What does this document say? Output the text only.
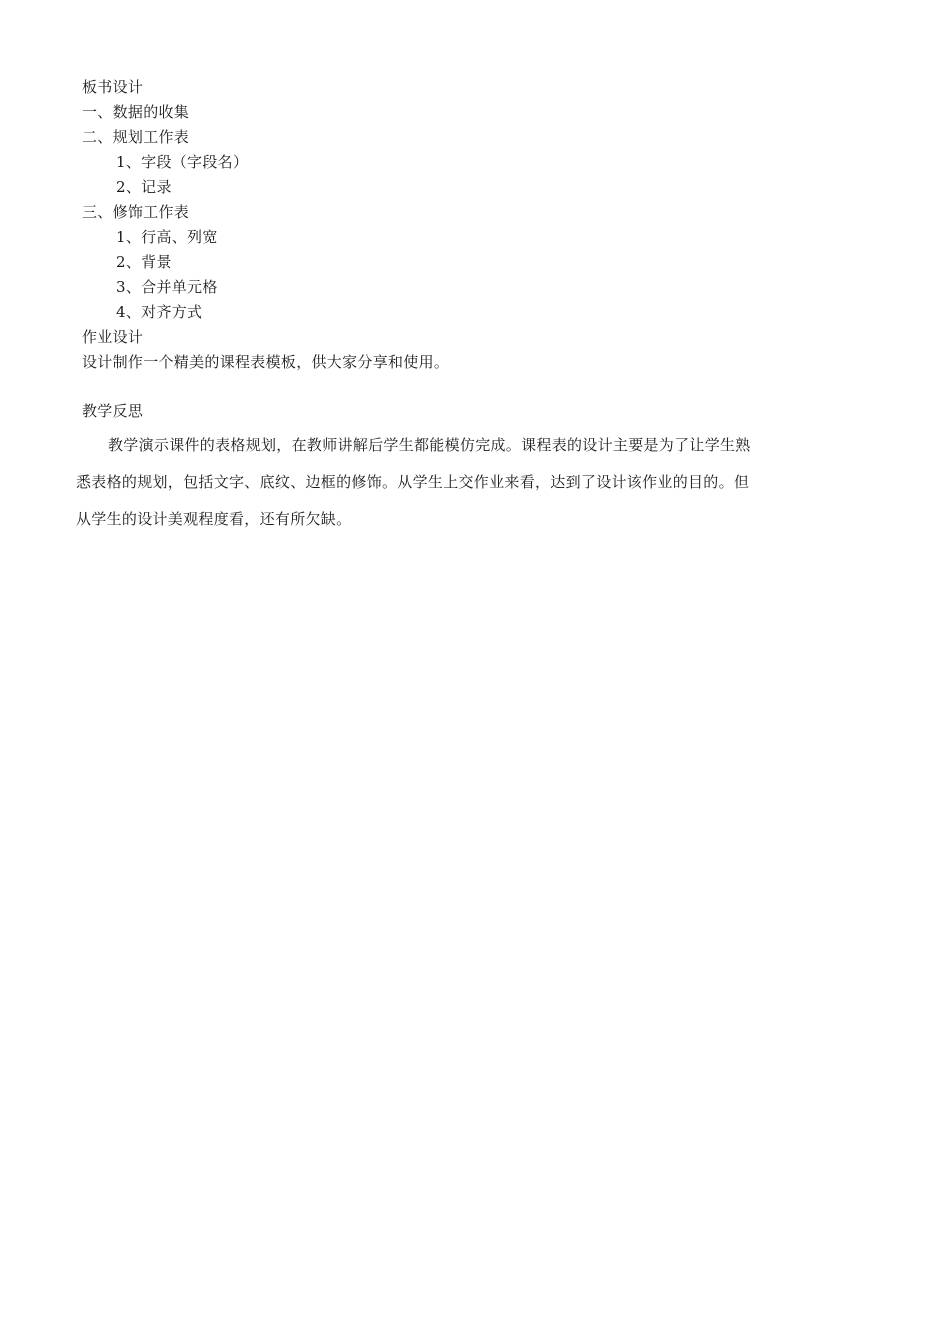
板书设计
一、数据的收集
二、规划工作表
1、字段（字段名）
2、记录
三、修饰工作表
1、行高、列宽
2、背景
3、合并单元格
4、对齐方式
作业设计
设计制作一个精美的课程表模板，供大家分享和使用。
教学反思
教学演示课件的表格规划，在教师讲解后学生都能模仿完成。课程表的设计主要是为了让学生熟悉表格的规划，包括文字、底纹、边框的修饰。从学生上交作业来看，达到了设计该作业的目的。但从学生的设计美观程度看，还有所欠缺。
